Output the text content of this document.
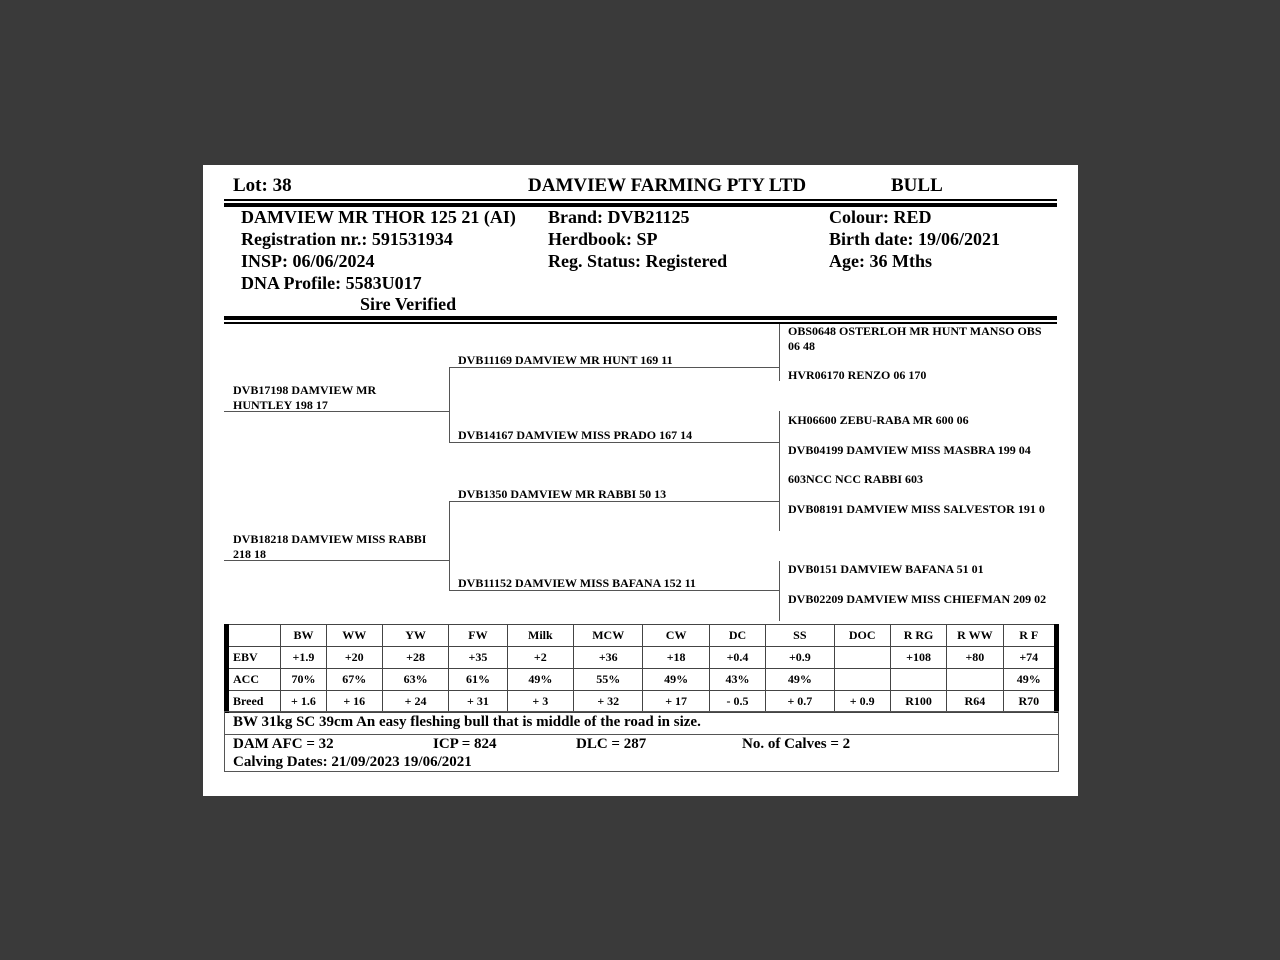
Lot: 38	DAMVIEW FARMING PTY LTD	BULL
DAMVIEW MR THOR 125 21 (AI)
Registration nr.: 591531934
INSP: 06/06/2024
DNA Profile: 5583U017
Sire Verified
Brand: DVB21125
Herdbook: SP
Reg. Status: Registered
Colour: RED
Birth date: 19/06/2021
Age: 36 Mths
DVB17198 DAMVIEW MR HUNTLEY 198 17
DVB18218 DAMVIEW MISS RABBI 218 18
DVB11169 DAMVIEW MR HUNT 169 11
DVB14167 DAMVIEW MISS PRADO 167 14
DVB1350 DAMVIEW MR RABBI 50 13
DVB11152 DAMVIEW MISS BAFANA 152 11
OBS0648 OSTERLOH MR HUNT MANSO OBS 06 48
HVR06170 RENZO 06 170
KH06600 ZEBU-RABA MR 600 06
DVB04199 DAMVIEW MISS MASBRA 199 04
603NCC NCC RABBI 603
DVB08191 DAMVIEW MISS SALVESTOR 191 0
DVB0151 DAMVIEW BAFANA 51 01
DVB02209 DAMVIEW MISS CHIEFMAN 209 02
	BW	WW	YW	FW	Milk	MCW	CW	DC	SS	DOC	R RG	R WW	R F
EBV	+1.9	+20	+28	+35	+2	+36	+18	+0.4	+0.9		+108	+80	+74
ACC	70%	67%	63%	61%	49%	55%	49%	43%	49%				49%
Breed	+ 1.6	+ 16	+ 24	+ 31	+ 3	+ 32	+ 17	- 0.5	+ 0.7	+ 0.9	R100	R64	R70
BW 31kg SC 39cm An easy fleshing bull that is middle of the road in size.
DAM AFC = 32	ICP = 824	DLC = 287	No. of Calves = 2
Calving Dates: 21/09/2023 19/06/2021
